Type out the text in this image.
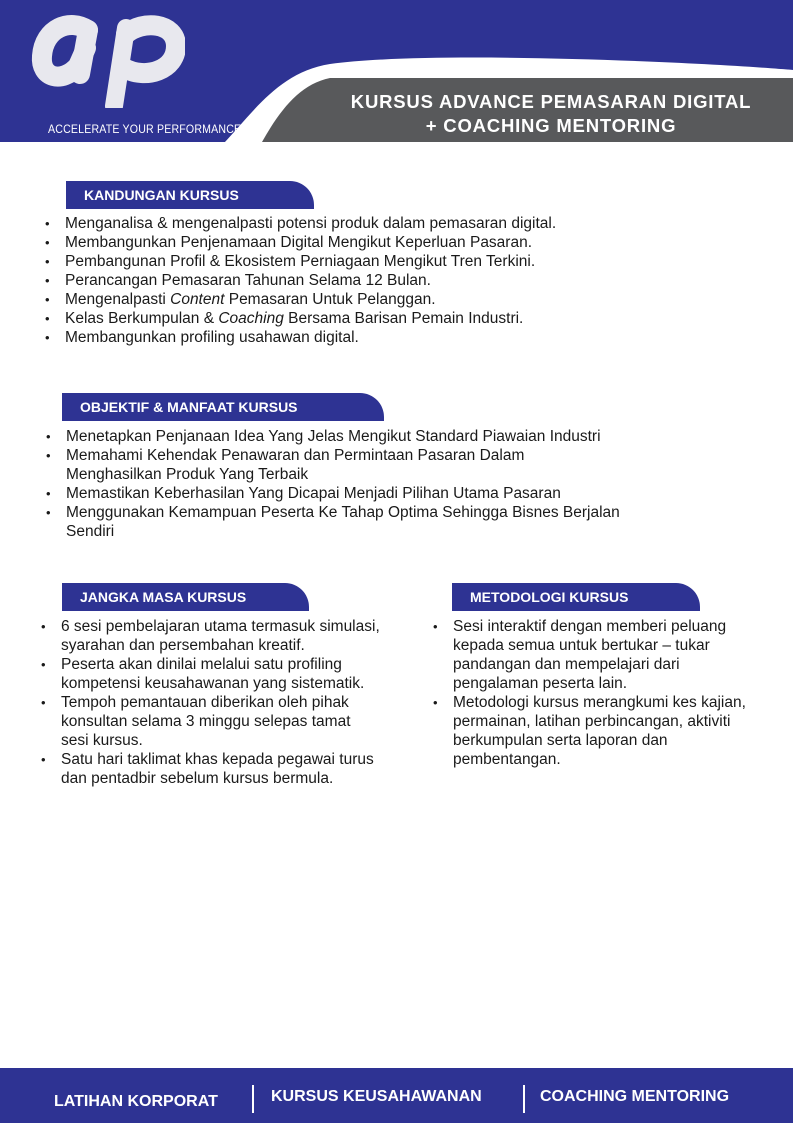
ACCELERATE YOUR PERFORMANCE
KURSUS ADVANCE PEMASARAN DIGITAL
+ COACHING MENTORING
KANDUNGAN KURSUS
• Menganalisa & mengenalpasti potensi produk dalam pemasaran digital.
• Membangunkan Penjenamaan Digital Mengikut Keperluan Pasaran.
• Pembangunan Profil & Ekosistem Perniagaan Mengikut Tren Terkini.
• Perancangan Pemasaran Tahunan Selama 12 Bulan.
• Mengenalpasti Content Pemasaran Untuk Pelanggan.
• Kelas Berkumpulan & Coaching Bersama Barisan Pemain Industri.
• Membangunkan profiling usahawan digital.
OBJEKTIF & MANFAAT KURSUS
• Menetapkan Penjanaan Idea Yang Jelas Mengikut Standard Piawaian Industri
• Memahami Kehendak Penawaran dan Permintaan Pasaran Dalam Menghasilkan Produk Yang Terbaik
• Memastikan Keberhasilan Yang Dicapai Menjadi Pilihan Utama Pasaran
• Menggunakan Kemampuan Peserta Ke Tahap Optima Sehingga Bisnes Berjalan Sendiri
JANGKA MASA KURSUS
• 6 sesi pembelajaran utama termasuk simulasi, syarahan dan persembahan kreatif.
• Peserta akan dinilai melalui satu profiling kompetensi keusahawanan yang sistematik.
• Tempoh pemantauan diberikan oleh pihak konsultan selama 3 minggu selepas tamat sesi kursus.
• Satu hari taklimat khas kepada pegawai turus dan pentadbir sebelum kursus bermula.
METODOLOGI KURSUS
• Sesi interaktif dengan memberi peluang kepada semua untuk bertukar – tukar pandangan dan mempelajari dari pengalaman peserta lain.
• Metodologi kursus merangkumi kes kajian, permainan, latihan perbincangan, aktiviti berkumpulan serta laporan dan pembentangan.
LATIHAN KORPORAT	KURSUS KEUSAHAWANAN	COACHING MENTORING
